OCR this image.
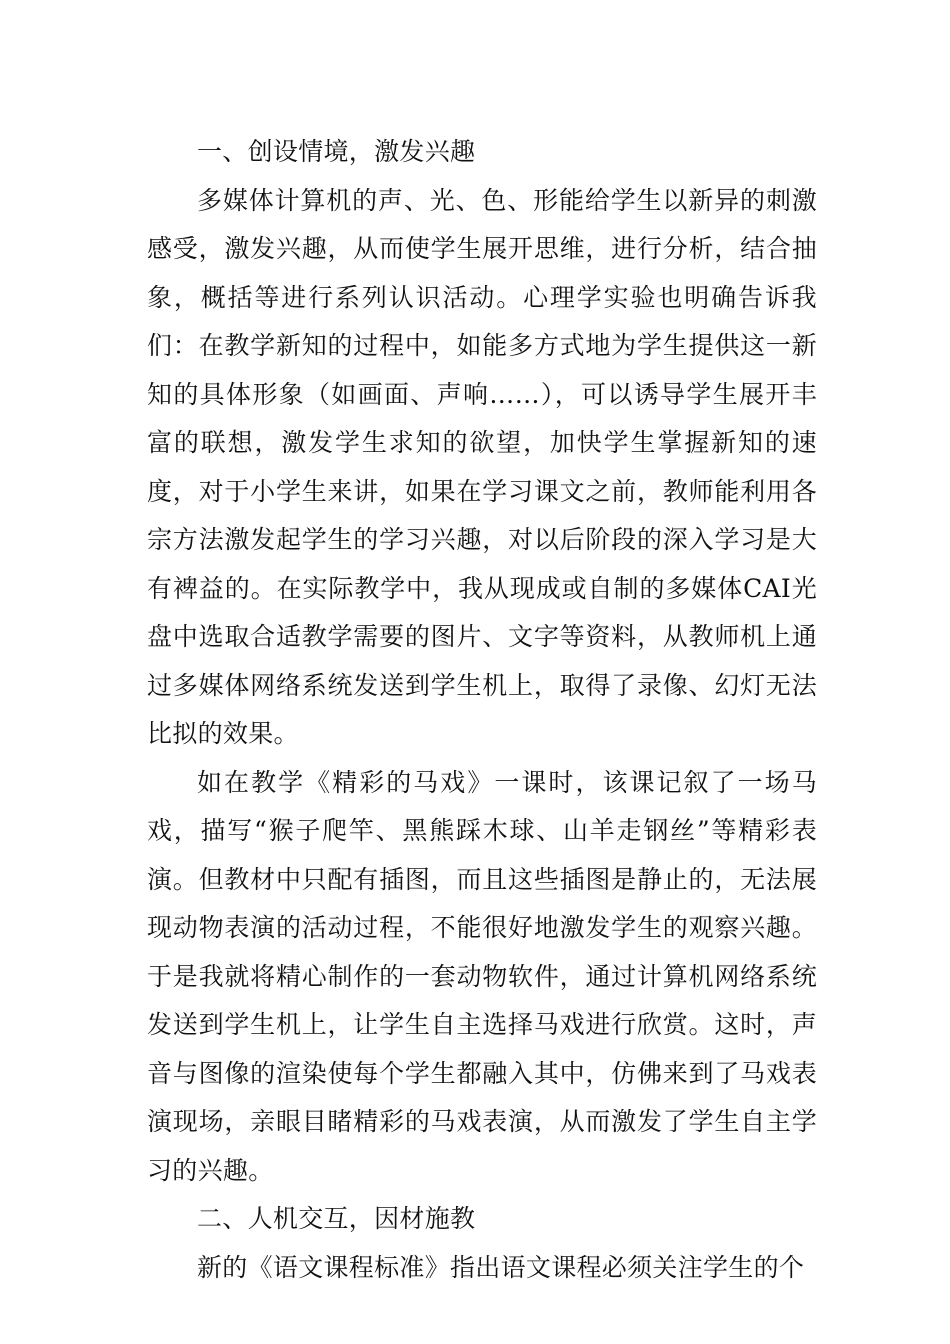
一、创设情境，激发兴趣

多媒体计算机的声、光、色、形能给学生以新异的刺激感受，激发兴趣，从而使学生展开思维，进行分析，结合抽象，概括等进行系列认识活动。心理学实验也明确告诉我们：在教学新知的过程中，如能多方式地为学生提供这一新知的具体形象（如画面、声响……），可以诱导学生展开丰富的联想，激发学生求知的欲望，加快学生掌握新知的速度，对于小学生来讲，如果在学习课文之前，教师能利用各宗方法激发起学生的学习兴趣，对以后阶段的深入学习是大有裨益的。在实际教学中，我从现成或自制的多媒体CAI光盘中选取合适教学需要的图片、文字等资料，从教师机上通过多媒体网络系统发送到学生机上，取得了录像、幻灯无法比拟的效果。

如在教学《精彩的马戏》一课时，该课记叙了一场马戏，描写“猴子爬竿、黑熊踩木球、山羊走钢丝”等精彩表演。但教材中只配有插图，而且这些插图是静止的，无法展现动物表演的活动过程，不能很好地激发学生的观察兴趣。于是我就将精心制作的一套动物软件，通过计算机网络系统发送到学生机上，让学生自主选择马戏进行欣赏。这时，声音与图像的渲染使每个学生都融入其中，仿佛来到了马戏表演现场，亲眼目睹精彩的马戏表演，从而激发了学生自主学习的兴趣。

二、人机交互，因材施教

新的《语文课程标准》指出语文课程必须关注学生的个
